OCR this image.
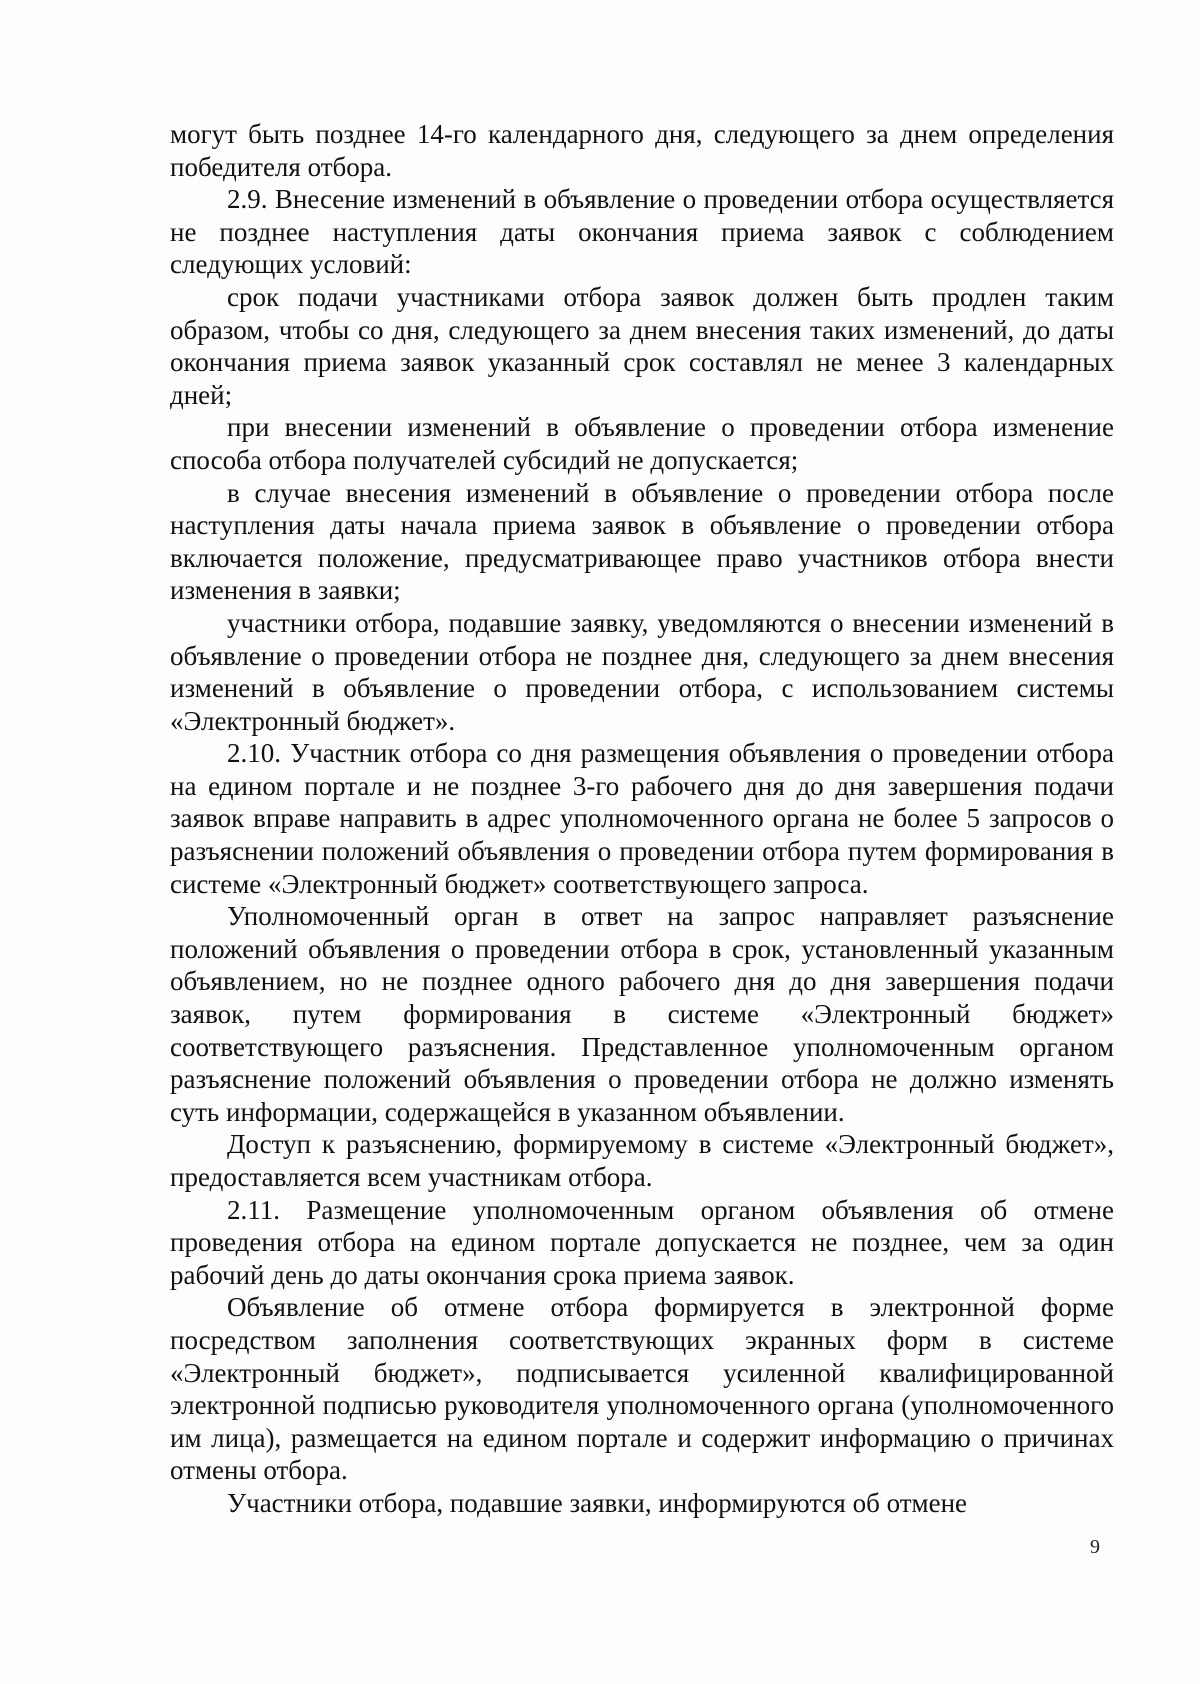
могут быть позднее 14-го календарного дня, следующего за днем определения победителя отбора.

2.9. Внесение изменений в объявление о проведении отбора осуществляется не позднее наступления даты окончания приема заявок с соблюдением следующих условий:

срок подачи участниками отбора заявок должен быть продлен таким образом, чтобы со дня, следующего за днем внесения таких изменений, до даты окончания приема заявок указанный срок составлял не менее 3 календарных дней;

при внесении изменений в объявление о проведении отбора изменение способа отбора получателей субсидий не допускается;

в случае внесения изменений в объявление о проведении отбора после наступления даты начала приема заявок в объявление о проведении отбора включается положение, предусматривающее право участников отбора внести изменения в заявки;

участники отбора, подавшие заявку, уведомляются о внесении изменений в объявление о проведении отбора не позднее дня, следующего за днем внесения изменений в объявление о проведении отбора, с использованием системы «Электронный бюджет».

2.10. Участник отбора со дня размещения объявления о проведении отбора на едином портале и не позднее 3-го рабочего дня до дня завершения подачи заявок вправе направить в адрес уполномоченного органа не более 5 запросов о разъяснении положений объявления о проведении отбора путем формирования в системе «Электронный бюджет» соответствующего запроса.

Уполномоченный орган в ответ на запрос направляет разъяснение положений объявления о проведении отбора в срок, установленный указанным объявлением, но не позднее одного рабочего дня до дня завершения подачи заявок, путем формирования в системе «Электронный бюджет» соответствующего разъяснения. Представленное уполномоченным органом разъяснение положений объявления о проведении отбора не должно изменять суть информации, содержащейся в указанном объявлении.

Доступ к разъяснению, формируемому в системе «Электронный бюджет», предоставляется всем участникам отбора.

2.11. Размещение уполномоченным органом объявления об отмене проведения отбора на едином портале допускается не позднее, чем за один рабочий день до даты окончания срока приема заявок.

Объявление об отмене отбора формируется в электронной форме посредством заполнения соответствующих экранных форм в системе «Электронный бюджет», подписывается усиленной квалифицированной электронной подписью руководителя уполномоченного органа (уполномоченного им лица), размещается на едином портале и содержит информацию о причинах отмены отбора.

Участники отбора, подавшие заявки, информируются об отмене

9
